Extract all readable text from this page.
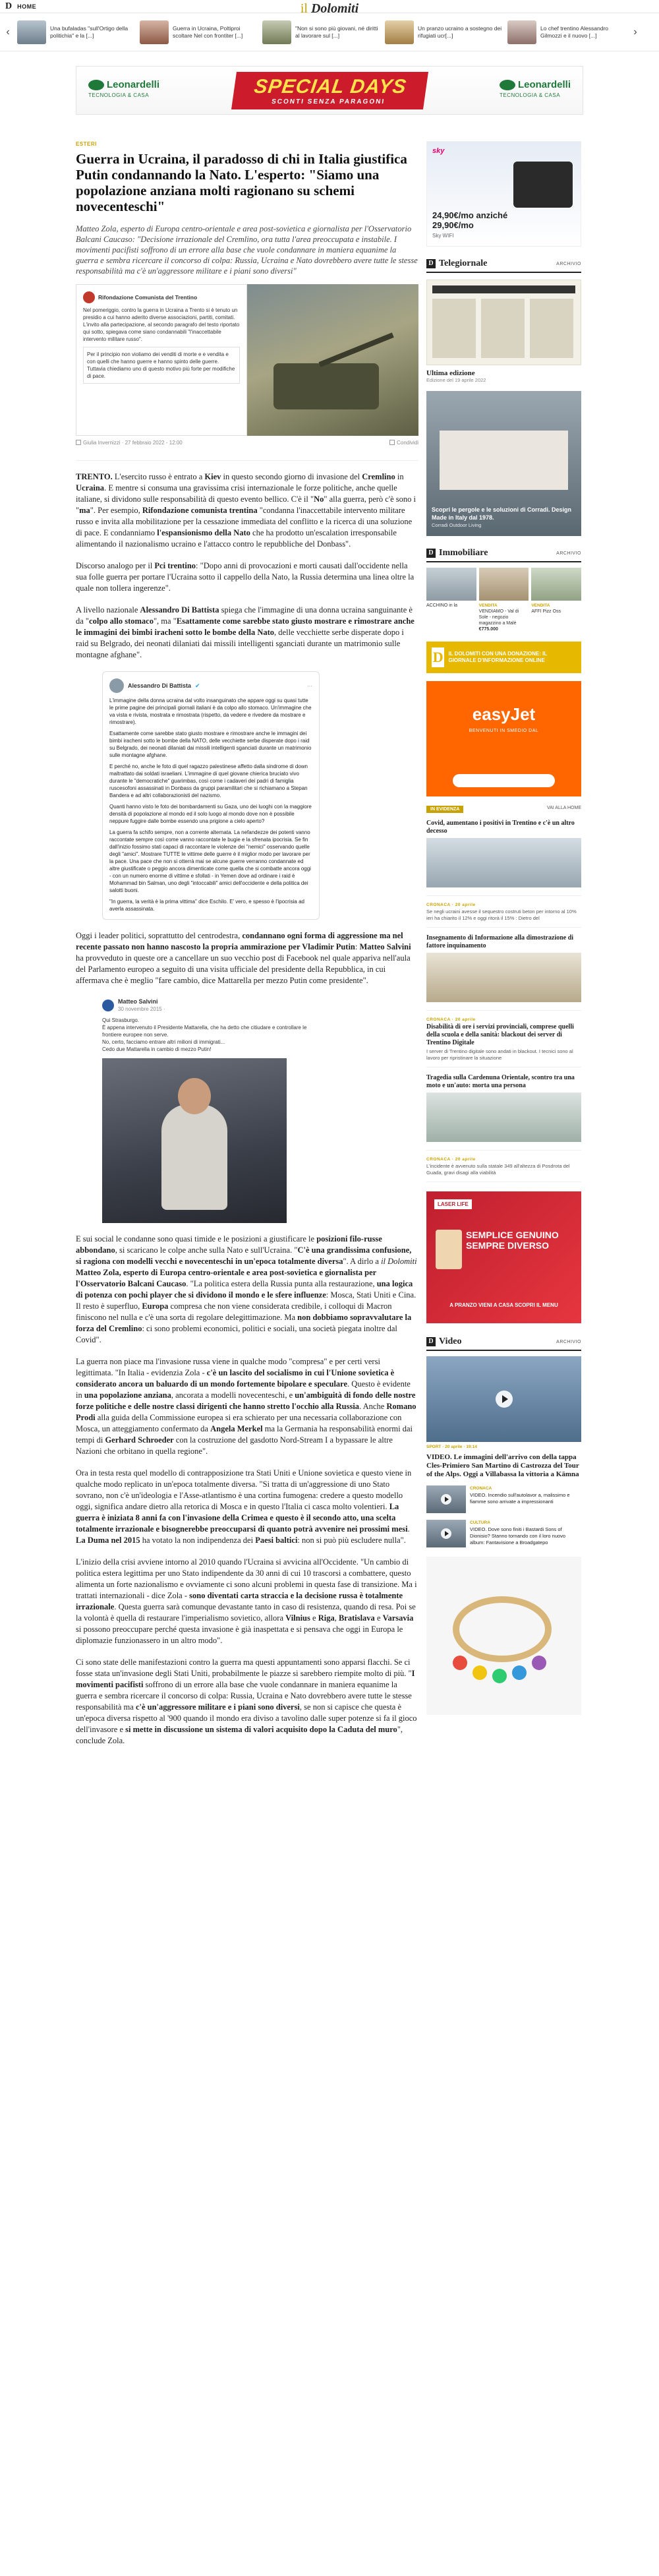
D HOME	il Dolomiti
‹	Una bufaladas "sull'Ortigo della politichia" e la [...]
Guerra in Ucraina, Poltiproi scoltare Nel con frontiter [...]
"Non si sono più giovani, né diritti al lavorare sul [...]
Un pranzo ucraino a sostegno dei rifugiati ucr[...]
Lo chef trentino Alessandro Gilmozzi e il nuovo [...]	›
Leonardelli
TECNOLOGIA & CASA	SPECIAL DAYS
SCONTI SENZA PARAGONI
Leonardelli
TECNOLOGIA & CASA
ESTERI
Guerra in Ucraina, il paradosso di chi in Italia giustifica Putin condannando la Nato. L'esperto: "Siamo una popolazione anziana molti ragionano su schemi novecenteschi"
Matteo Zola, esperto di Europa centro-orientale e area post-sovietica e giornalista per l'Osservatorio Balcani Caucaso: "Decisione irrazionale del Cremlino, ora tutta l'area preoccupata e instabile. I movimenti pacifisti soffrono di un errore alla base che vuole condannare in maniera equanime la guerra e sembra ricercare il concorso di colpa: Russia, Ucraina e Nato dovrebbero avere tutte le stesse responsabilità ma c'è un'aggressore militare e i piani sono diversi"
Rifondazione Comunista del Trentino
Nel pomeriggio, contro la guerra in Ucraina a Trento si è tenuto un presidio a cui hanno aderito diverse associazioni, partiti, comitati. L'invito alla partecipazione, al secondo paragrafo del testo riportato qui sotto, spiegava come siano condannabili "l'inaccettabile intervento militare russo".
Per il principio non violiamo dei venditi di morte e e vendita e con quelli che hanno guerre e hanno spinto delle guerre. Tuttavia chiediamo uno di questo motivo più forte per modifiche di pace.
Giulia Invernizzi · 27 febbraio 2022 - 12:00	Condividi

TRENTO. L'esercito russo è entrato a Kiev in questo secondo giorno di invasione del Cremlino in Ucraina. E mentre si consuma una gravissima crisi internazionale le forze politiche, anche quelle italiane, si dividono sulle responsabilità di questo evento bellico. C'è il "No" alla guerra, però c'è sono i "ma". Per esempio, Rifondazione comunista trentina "condanna l'inaccettabile intervento militare russo e invita alla mobilitazione per la cessazione immediata del conflitto e la ricerca di una soluzione di pace. E condanniamo l'espansionismo della Nato che ha prodotto un'escalation irresponsabile alimentando il nazionalismo ucraino e l'attacco contro le repubbliche del Donbass".

Discorso analogo per il Pci trentino: "Dopo anni di provocazioni e morti causati dall'occidente nella sua folle guerra per portare l'Ucraina sotto il cappello della Nato, la Russia determina una linea oltre la quale non tollera ingerenze".

A livello nazionale Alessandro Di Battista spiega che l'immagine di una donna ucraina sanguinante è da "colpo allo stomaco", ma "Esattamente come sarebbe stato giusto mostrare e rimostrare anche le immagini dei bimbi iracheni sotto le bombe della Nato, delle vecchiette serbe disperate dopo i raid su Belgrado, dei neonati dilaniati dai missili intelligenti sganciati durante un matrimonio sulle montagne afghane".

Alessandro Di Battista ✔	···

L'immagine della donna ucraina dal volto insanguinato che appare oggi su quasi tutte le prime pagine dei principali giornali italiani è da colpo allo stomaco. Un'immagine che va vista e rivista, mostrata e rimostrata (rispetto, da vedere e rivedere da mostrare e rimostrare).

Esattamente come sarebbe stato giusto mostrare e rimostrare anche le immagini dei bimbi iracheni sotto le bombe della NATO, delle vecchiette serbe disperate dopo i raid su Belgrado, dei neonati dilaniati dai missili intelligenti sganciati durante un matrimonio sulle montagne afghane.

E perché no, anche le foto di quel ragazzo palestinese affetto dalla sindrome di down maltrattato dai soldati israeliani. L'immagine di quel giovane chierica bruciato vivo durante le "democratiche" guarimbas, così come i cadaveri dei padri di famiglia ruscesofoni assassinati in Donbass da gruppi paramilitari che si richiamano a Stepan Bandera e ad altri collaborazionisti del nazismo.

Quanti hanno visto le foto dei bombardamenti su Gaza, uno dei luoghi con la maggiore densità di popolazione al mondo ed il solo luogo al mondo dove non è possibile neppure fuggire dalle bombe essendo una prigione a cielo aperto?

La guerra fa schifo sempre, non a corrente alternata. La nefandezze dei potenti vanno raccontate sempre così come vanno raccontate le bugie e la sfrenata ipocrisia. Se fin dall'inizio fossimo stati capaci di raccontare le violenze dei "nemici" osservando quelle degli "amici". Mostrare TUTTE le vittime delle guerre è il miglior modo per lavorare per la pace. Una pace che non si otterrà mai se alcune guerre verranno condannate ed altre giustificate o peggio ancora dimenticate come quella che si combatte ancora oggi - con un numero enorme di vittime e sfollati - in Yemen dove ad ordinare i raid è Mohammad bin Salman, uno degli "intoccabili" amici dell'occidente e della politica dei salotti buoni.

"In guerra, la verità è la prima vittima" dice Eschilo. E' vero, e spesso è l'ipocrisia ad averla assassinata.

Oggi i leader politici, soprattutto del centrodestra, condannano ogni forma di aggressione ma nel recente passato non hanno nascosto la propria ammirazione per Vladimir Putin: Matteo Salvini ha provveduto in queste ore a cancellare un suo vecchio post di Facebook nel quale appariva nell'aula del Parlamento europeo a seguito di una visita ufficiale del presidente della Repubblica, in cui affermava che è meglio "fare cambio, dice Mattarella per mezzo Putin come presidente".

Matteo Salvini
30 novembre 2015 ·
Qui Strasburgo.
È appena intervenuto il Presidente Mattarella, che ha detto che citiudare e controllare le frontiere europee non serve.
No, certo, facciamo entrare altri milioni di immigrati...
Cedo due Mattarella in cambio di mezzo Putin!

E sui social le condanne sono quasi timide e le posizioni a giustificare le posizioni filo-russe abbondano, si scaricano le colpe anche sulla Nato e sull'Ucraina. "C'è una grandissima confusione, si ragiona con modelli vecchi e novecenteschi in un'epoca totalmente diversa". A dirlo a il Dolomiti Matteo Zola, esperto di Europa centro-orientale e area post-sovietica e giornalista per l'Osservatorio Balcani Caucaso. "La politica estera della Russia punta alla restaurazione, una logica di potenza con pochi player che si dividono il mondo e le sfere influenze: Mosca, Stati Uniti e Cina. Il resto è superfluo, Europa compresa che non viene considerata credibile, i colloqui di Macron finiscono nel nulla e c'è una sorta di regolare delegittimazione. Ma non dobbiamo sopravvalutare la forza del Cremlino: ci sono problemi economici, politici e sociali, una società piegata inoltre dal Covid".

La guerra non piace ma l'invasione russa viene in qualche modo "compresa" e per certi versi legittimata. "In Italia - evidenzia Zola - c'è un lascito del socialismo in cui l'Unione sovietica è considerato ancora un baluardo di un mondo fortemente bipolare e speculare. Questo è evidente in una popolazione anziana, ancorata a modelli novecenteschi, e un'ambiguità di fondo delle nostre forze politiche e delle nostre classi dirigenti che hanno stretto l'occhio alla Russia. Anche Romano Prodi alla guida della Commissione europea si era schierato per una necessaria collaborazione con Mosca, un atteggiamento confermato da Angela Merkel ma la Germania ha responsabilità enormi dai tempi di Gerhard Schroeder con la costruzione del gasdotto Nord-Stream I a bypassare le altre Nazioni che orbitano in quella regione".

Ora in testa resta quel modello di contrapposizione tra Stati Uniti e Unione sovietica e questo viene in qualche modo replicato in un'epoca totalmente diversa. "Si tratta di un'aggressione di uno Stato sovrano, non c'è un'ideologia e l'Asse-atlantismo è una cortina fumogena: credere a questo modello oggi, significa andare dietro alla retorica di Mosca e in questo l'Italia ci casca molto volentieri. La guerra è iniziata 8 anni fa con l'invasione della Crimea e questo è il secondo atto, una scelta totalmente irrazionale e bisognerebbe preoccuparsi di quanto potrà avvenire nei prossimi mesi. La Duma nel 2015 ha votato la non indipendenza dei Paesi baltici: non si può più escludere nulla".

L'inizio della crisi avviene intorno al 2010 quando l'Ucraina si avvicina all'Occidente. "Un cambio di politica estera legittima per uno Stato indipendente da 30 anni di cui 10 trascorsi a combattere, questo alimenta un forte nazionalismo e ovviamente ci sono alcuni problemi in questa fase di transizione. Ma i trattati internazionali - dice Zola - sono diventati carta straccia e la decisione russa è totalmente irrazionale. Questa guerra sarà comunque devastante tanto in caso di resistenza, quando di resa. Poi se la volontà è quella di restaurare l'imperialismo sovietico, allora Vilnius e Riga, Bratislava e Varsavia si possono preoccupare perché questa invasione è già inaspettata e si pensava che oggi in Europa le diplomazie funzionassero in un altro modo".

Ci sono state delle manifestazioni contro la guerra ma questi appuntamenti sono apparsi flacchi. Se ci fosse stata un'invasione degli Stati Uniti, probabilmente le piazze si sarebbero riempite molto di più. "I movimenti pacifisti soffrono di un errore alla base che vuole condannare in maniera equanime la guerra e sembra ricercare il concorso di colpa: Russia, Ucraina e Nato dovrebbero avere tutte le stesse responsabilità ma c'è un'aggressore militare e i piani sono diversi, se non si capisce che questa è un'epoca diversa rispetto al '900 quando il mondo era diviso a tavolino dalle super potenze si fa il gioco dell'invasore e si mette in discussione un sistema di valori acquisito dopo la Caduta del muro", conclude Zola.

sky
24,90€/mo anziché
29,90€/mo
Sky WIFI
D Telegiornale	ARCHIVIO
Ultima edizione
Edizione del 19 aprile 2022
Scopri le pergole e le soluzioni di Corradi. Design Made in Italy dal 1978.
Corradi Outdoor Living
D Immobiliare	ARCHIVIO
ACCHINO in la	VENDITA
VENDIAMO - Val di Sole - negozio magazzino a Malè
€775.000
VENDITA
AFFI Pizz Oss
D IL DOLOMITI CON UNA DONAZIONE: IL GIORNALE D'INFORMAZIONE ONLINE
easyJet
BENVENUTI IN SMEDIO DAL
IN EVIDENZA	VAI ALLA HOME
Covid, aumentano i positivi in Trentino e c'è un altro decesso
CRONACA · 20 aprile
Se negli ucraini avesse il sequestro costruti beton per intorno al 10% ieri ha chiarito il 12% e oggi ritorà il 15% : Dietro del
Insegnamento di Informazione alla dimostrazione di fattore inquinamento
CRONACA · 20 aprile
Disabilità di ore i servizi provinciali, comprese quelli della scuola e della sanità: blackout dei server di Trentino Digitale
I server di Trentino digitale sono andati in blackout. I tecnici sono al lavoro per ripristinare la situazione
Tragedia sulla Cardenuna Orientale, scontro tra una moto e un'auto: morta una persona
CRONACA · 20 aprile
L'incidente è avvenuto sulla statale 349 all'altezza di Posdrota del Guada, gravi disagi alla viabilità
LASER LIFE
SEMPLICE GENUINO SEMPRE DIVERSO
A PRANZO VIENI A CASA SCOPRI IL MENU
D Video	ARCHIVIO
SPORT · 20 aprile · 19:14
VIDEO. Le immagini dell'arrivo con della tappa Cles-Primiero San Martino di Castrozza del Tour of the Alps. Oggi a Villabassa la vittoria a Kämna
CRONACA
VIDEO. Incendio sull'autolavor a, malissimo e fiamme sono arrivate a impressionanti
CULTURA
VIDEO. Dove sono finiti i Bastardi Sons of Dionisio? Stanno tornando con il loro nuovo album: Fantavisione a Broadgatepo
